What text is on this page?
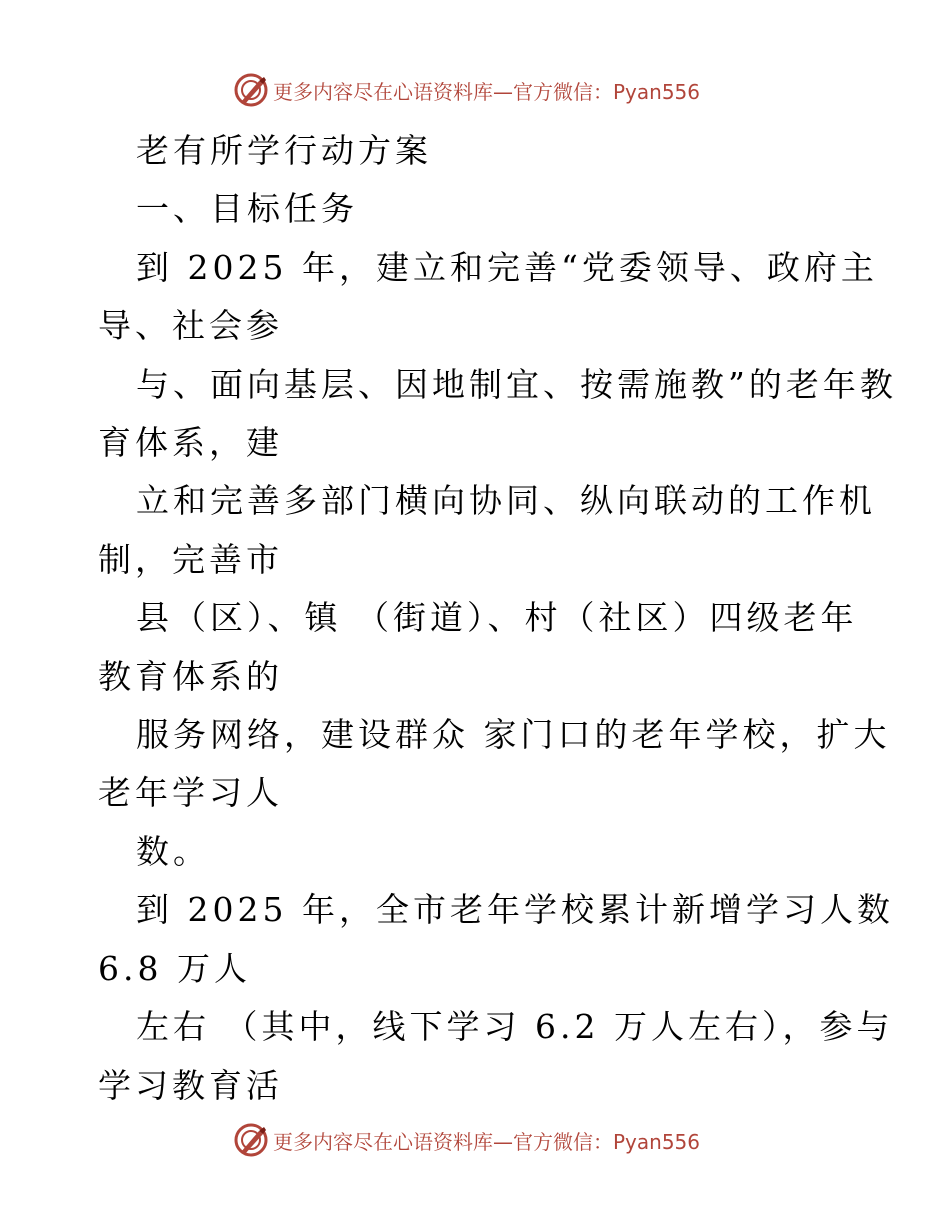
更多内容尽在心语资料库—官方微信：Pyan556

老有所学行动方案

一、目标任务

到 2025 年，建立和完善“党委领导、政府主

导、社会参

与、面向基层、因地制宜、按需施教”的老年教

育体系，建

立和完善多部门横向协同、纵向联动的工作机

制，完善市

县（区）、镇 （街道）、村（社区）四级老年

教育体系的

服务网络，建设群众 家门口的老年学校，扩大

老年学习人

数。

到 2025 年，全市老年学校累计新增学习人数

6.8 万人

左右 （其中，线下学习 6.2 万人左右），参与

学习教育活

更多内容尽在心语资料库—官方微信：Pyan556
